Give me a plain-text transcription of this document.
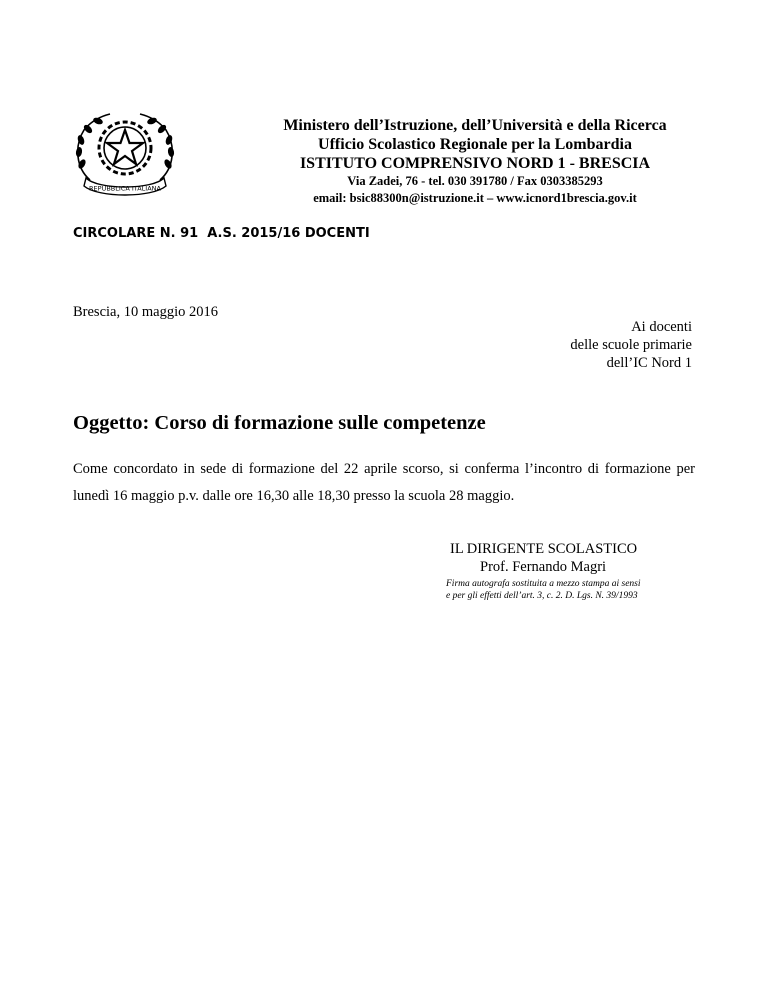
REPUBBLICA ITALIANA
Ministero dell’Istruzione, dell’Università e della Ricerca
Ufficio Scolastico Regionale per la Lombardia
ISTITUTO COMPRENSIVO NORD 1 - BRESCIA
Via Zadei, 76 - tel. 030 391780 / Fax 0303385293
email: bsic88300n@istruzione.it – www.icnord1brescia.gov.it
CIRCOLARE N. 91  A.S. 2015/16 DOCENTI
Brescia, 10 maggio 2016
Ai docenti
delle scuole primarie
dell’IC Nord 1
Oggetto: Corso di formazione sulle competenze
Come concordato in sede di formazione del 22 aprile scorso, si conferma l’incontro di formazione per lunedì 16 maggio p.v. dalle ore 16,30 alle 18,30 presso la scuola 28 maggio.
IL DIRIGENTE SCOLASTICO
Prof. Fernando Magri
Firma autografa sostituita a mezzo stampa ai sensi
e per gli effetti dell’art. 3, c. 2. D. Lgs. N. 39/1993
